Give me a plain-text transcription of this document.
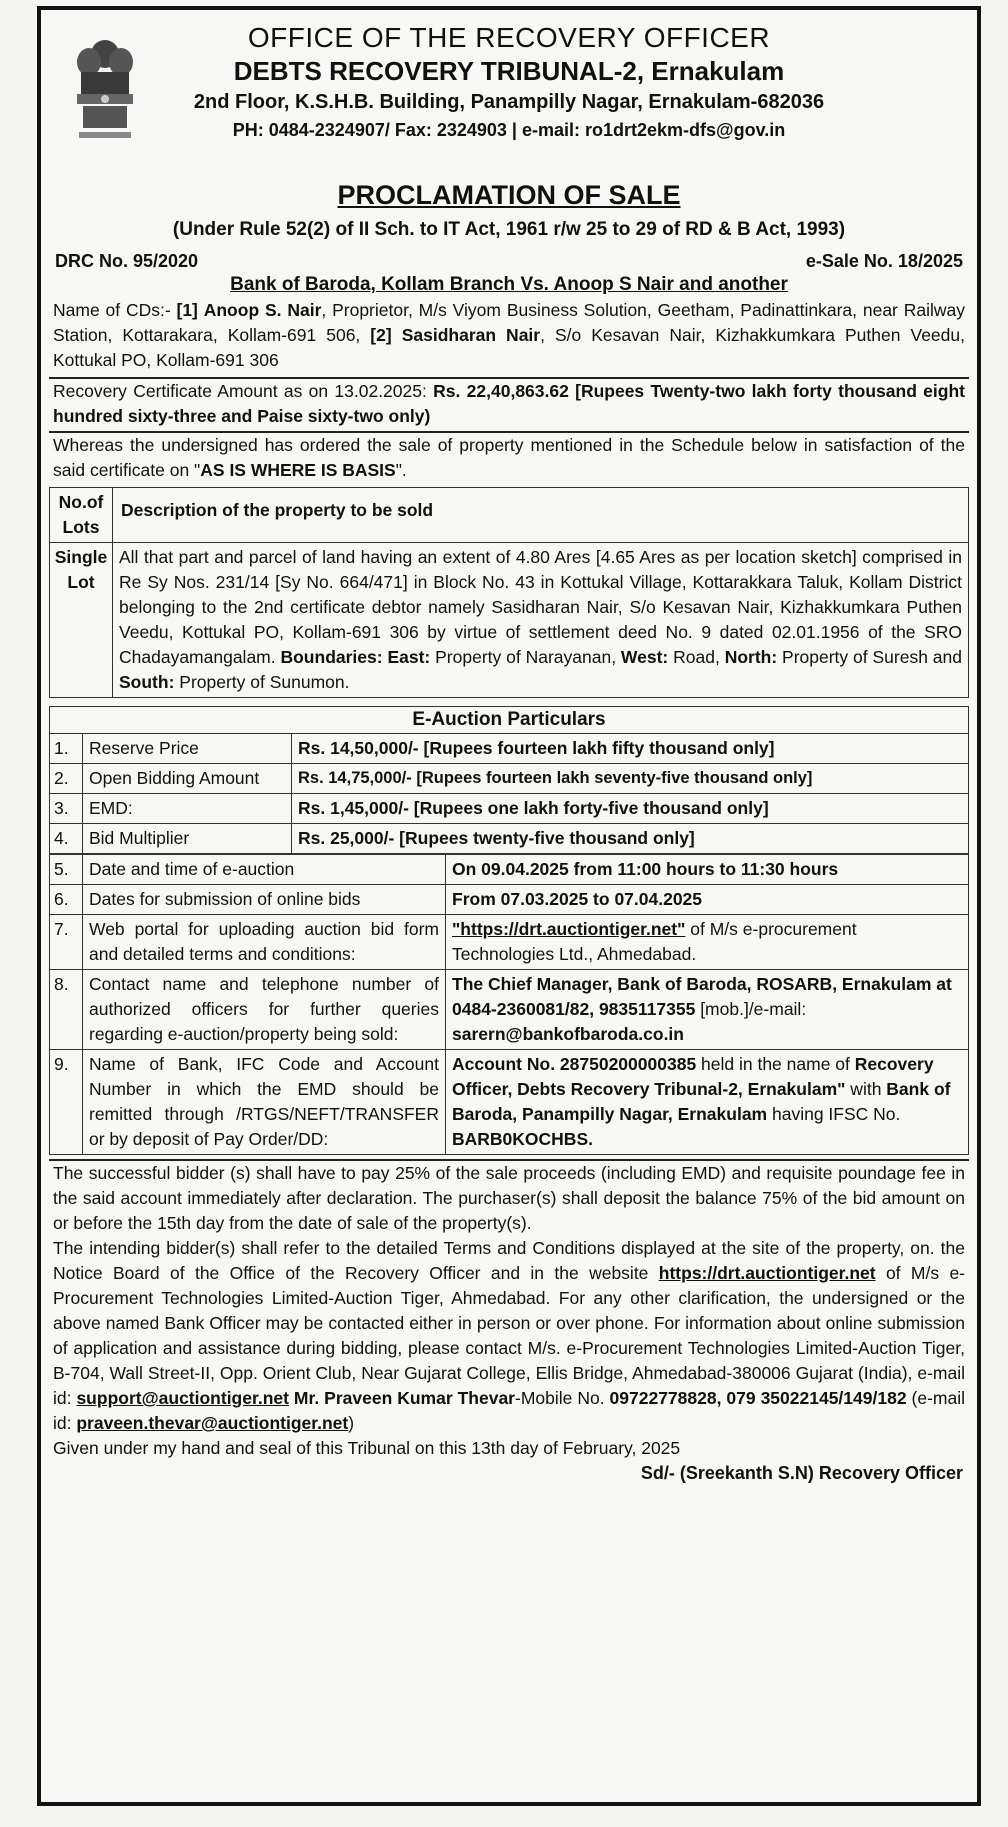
OFFICE OF THE RECOVERY OFFICER
DEBTS RECOVERY TRIBUNAL-2, Ernakulam
2nd Floor, K.S.H.B. Building, Panampilly Nagar, Ernakulam-682036
PH: 0484-2324907/ Fax: 2324903 | e-mail: ro1drt2ekm-dfs@gov.in
PROCLAMATION OF SALE
(Under Rule 52(2) of II Sch. to IT Act, 1961 r/w 25 to 29 of RD & B Act, 1993)
DRC No. 95/2020	e-Sale No. 18/2025
Bank of Baroda, Kollam Branch Vs. Anoop S Nair and another

Name of CDs:- [1] Anoop S. Nair, Proprietor, M/s Viyom Business Solution, Geetham, Padinattinkara, near Railway Station, Kottarakara, Kollam-691 506, [2] Sasidharan Nair, S/o Kesavan Nair, Kizhakkumkara Puthen Veedu, Kottukal PO, Kollam-691 306

Recovery Certificate Amount as on 13.02.2025: Rs. 22,40,863.62 [Rupees Twenty-two lakh forty thousand eight hundred sixty-three and Paise sixty-two only)

Whereas the undersigned has ordered the sale of property mentioned in the Schedule below in satisfaction of the said certificate on "AS IS WHERE IS BASIS".

No.of Lots	Description of the property to be sold
Single Lot	All that part and parcel of land having an extent of 4.80 Ares [4.65 Ares as per location sketch] comprised in Re Sy Nos. 231/14 [Sy No. 664/471] in Block No. 43 in Kottukal Village, Kottarakkara Taluk, Kollam District belonging to the 2nd certificate debtor namely Sasidharan Nair, S/o Kesavan Nair, Kizhakkumkara Puthen Veedu, Kottukal PO, Kollam-691 306 by virtue of settlement deed No. 9 dated 02.01.1956 of the SRO Chadayamangalam. Boundaries: East: Property of Narayanan, West: Road, North: Property of Suresh and South: Property of Sunumon.
E-Auction Particulars
1.	Reserve Price	Rs. 14,50,000/- [Rupees fourteen lakh fifty thousand only]
2.	Open Bidding Amount	Rs. 14,75,000/- [Rupees fourteen lakh seventy-five thousand only]
3.	EMD:	Rs. 1,45,000/- [Rupees one lakh forty-five thousand only]
4.	Bid Multiplier	Rs. 25,000/- [Rupees twenty-five thousand only]
5.	Date and time of e-auction	On 09.04.2025 from 11:00 hours to 11:30 hours
6.	Dates for submission of online bids	From 07.03.2025 to 07.04.2025
7.	Web portal for uploading auction bid form and detailed terms and conditions:	"https://drt.auctiontiger.net" of M/s e-procurement Technologies Ltd., Ahmedabad.
8.	Contact name and telephone number of authorized officers for further queries regarding e-auction/property being sold:	The Chief Manager, Bank of Baroda, ROSARB, Ernakulam at 0484-2360081/82, 9835117355 [mob.]/e-mail: sarern@bankofbaroda.co.in
9.	Name of Bank, IFC Code and Account Number in which the EMD should be remitted through /RTGS/NEFT/TRANSFER or by deposit of Pay Order/DD:	Account No. 28750200000385 held in the name of Recovery Officer, Debts Recovery Tribunal-2, Ernakulam" with Bank of Baroda, Panampilly Nagar, Ernakulam having IFSC No. BARB0KOCHBS.

The successful bidder (s) shall have to pay 25% of the sale proceeds (including EMD) and requisite poundage fee in the said account immediately after declaration. The purchaser(s) shall deposit the balance 75% of the bid amount on or before the 15th day from the date of sale of the property(s).

The intending bidder(s) shall refer to the detailed Terms and Conditions displayed at the site of the property, on. the Notice Board of the Office of the Recovery Officer and in the website https://drt.auctiontiger.net of M/s e-Procurement Technologies Limited-Auction Tiger, Ahmedabad. For any other clarification, the undersigned or the above named Bank Officer may be contacted either in person or over phone. For information about online submission of application and assistance during bidding, please contact M/s. e-Procurement Technologies Limited-Auction Tiger, B-704, Wall Street-II, Opp. Orient Club, Near Gujarat College, Ellis Bridge, Ahmedabad-380006 Gujarat (India), e-mail id: support@auctiontiger.net Mr. Praveen Kumar Thevar-Mobile No. 09722778828, 079 35022145/149/182 (e-mail id: praveen.thevar@auctiontiger.net)

Given under my hand and seal of this Tribunal on this 13th day of February, 2025

Sd/- (Sreekanth S.N) Recovery Officer
